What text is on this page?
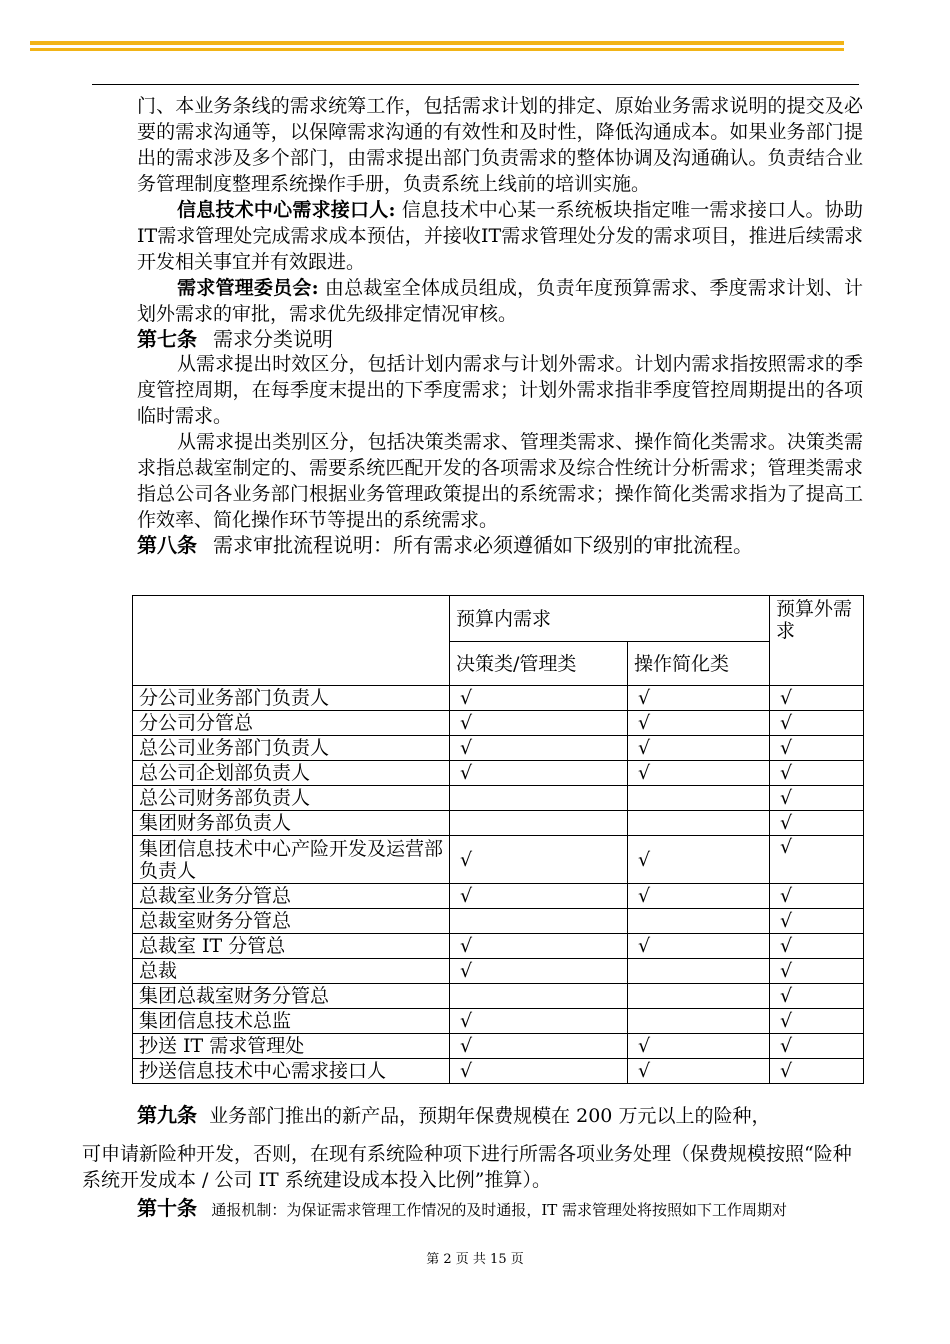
门、本业务条线的需求统筹工作，包括需求计划的排定、原始业务需求说明的提交及必要的需求沟通等，以保障需求沟通的有效性和及时性，降低沟通成本。如果业务部门提出的需求涉及多个部门，由需求提出部门负责需求的整体协调及沟通确认。负责结合业务管理制度整理系统操作手册，负责系统上线前的培训实施。

信息技术中心需求接口人: 信息技术中心某一系统板块指定唯一需求接口人。协助IT需求管理处完成需求成本预估，并接收IT需求管理处分发的需求项目，推进后续需求开发相关事宜并有效跟进。

需求管理委员会: 由总裁室全体成员组成，负责年度预算需求、季度需求计划、计划外需求的审批，需求优先级排定情况审核。

第七条 需求分类说明

从需求提出时效区分，包括计划内需求与计划外需求。计划内需求指按照需求的季度管控周期，在每季度末提出的下季度需求；计划外需求指非季度管控周期提出的各项临时需求。

从需求提出类别区分，包括决策类需求、管理类需求、操作简化类需求。决策类需求指总裁室制定的、需要系统匹配开发的各项需求及综合性统计分析需求；管理类需求指总公司各业务部门根据业务管理政策提出的系统需求；操作简化类需求指为了提高工作效率、简化操作环节等提出的系统需求。

第八条 需求审批流程说明：所有需求必须遵循如下级别的审批流程。

	预算内需求		预算外需求
	决策类/管理类	操作简化类	
分公司业务部门负责人	√	√	√
分公司分管总	√	√	√
总公司业务部门负责人	√	√	√
总公司企划部负责人	√	√	√
总公司财务部负责人			√
集团财务部负责人			√
集团信息技术中心产险开发及运营部负责人	√	√	√
总裁室业务分管总	√	√	√
总裁室财务分管总			√
总裁室 IT 分管总	√	√	√
总裁	√		√
集团总裁室财务分管总			√
集团信息技术总监	√		√
抄送 IT 需求管理处	√	√	√
抄送信息技术中心需求接口人	√	√	√

第九条 业务部门推出的新产品，预期年保费规模在 200 万元以上的险种，

可申请新险种开发，否则，在现有系统险种项下进行所需各项业务处理（保费规模按照“险种系统开发成本 / 公司 IT 系统建设成本投入比例”推算）。

第十条 通报机制：为保证需求管理工作情况的及时通报，IT 需求管理处将按照如下工作周期对

第 2 页 共 15 页
